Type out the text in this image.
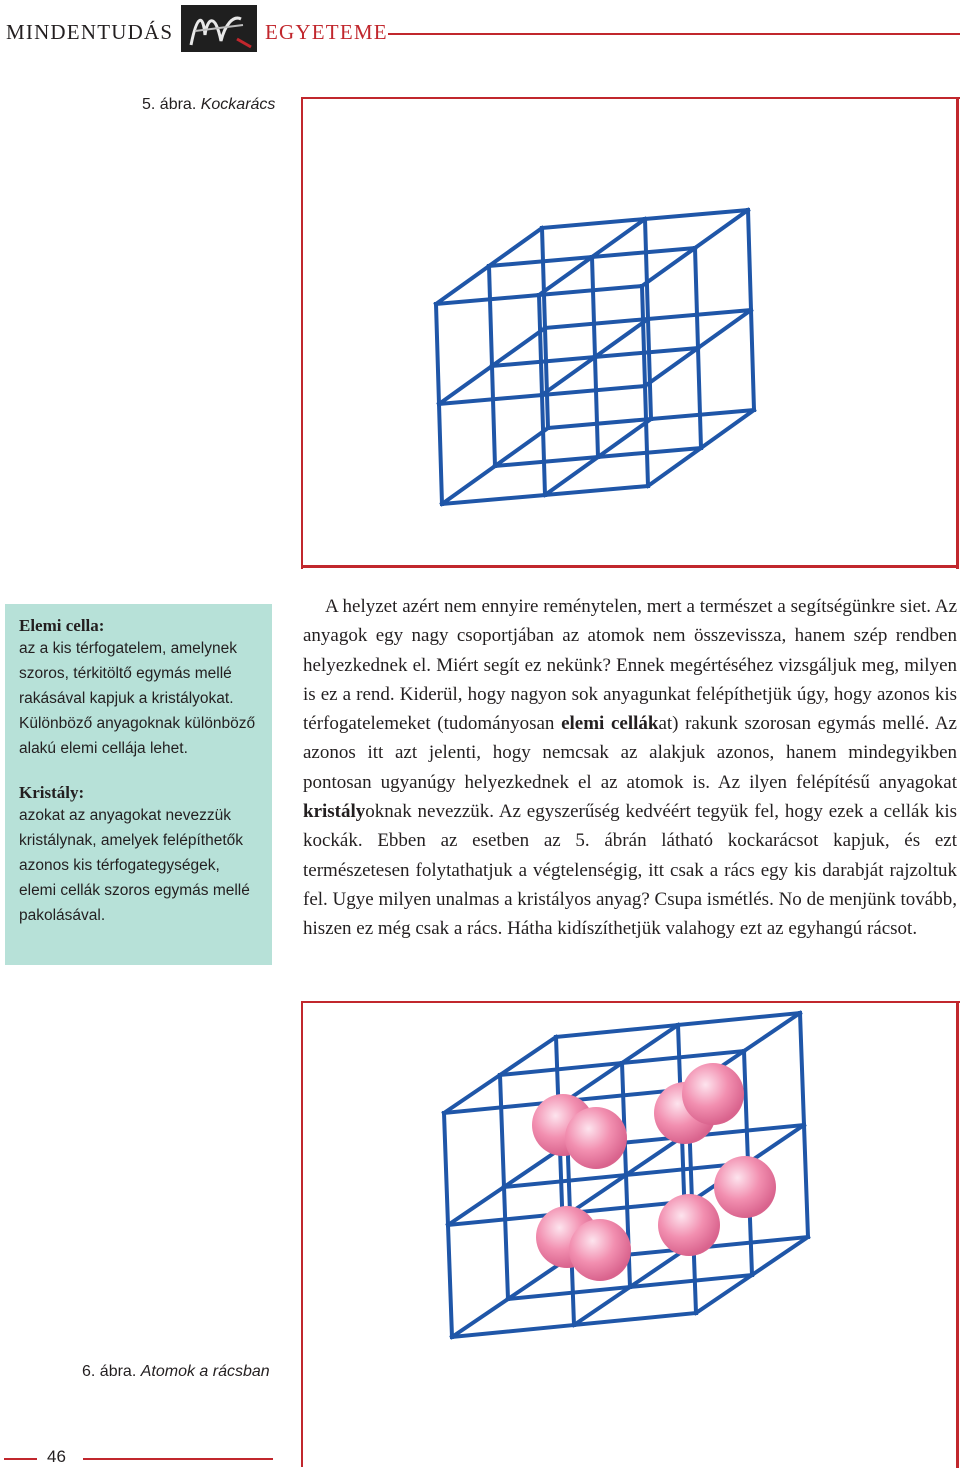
MINDENTUDÁS	EGYETEME
5. ábra. Kockarács

Elemi cella:

az a kis térfogatelem, amelynek szoros, térkitöltő egymás mellé rakásával kapjuk a kristályokat. Különböző anyagoknak különböző alakú elemi cellája lehet.

Kristály:

azokat az anyagokat nevezzük kristálynak, amelyek felépíthetők azonos kis térfogategységek, elemi cellák szoros egymás mellé pakolásával.

A helyzet azért nem ennyire reménytelen, mert a természet a segítségünkre siet. Az anyagok egy nagy csoportjában az atomok nem összevissza, hanem szép rendben helyezkednek el. Miért segít ez nekünk? Ennek megértéséhez vizsgáljuk meg, milyen is ez a rend. Kiderül, hogy nagyon sok anyagunkat felépíthetjük úgy, hogy azonos kis térfogatelemeket (tudományosan elemi cellákat) rakunk szorosan egymás mellé. Az azonos itt azt jelenti, hogy nemcsak az alakjuk azonos, hanem mindegyikben pontosan ugyanúgy helyezkednek el az atomok is. Az ilyen felépítésű anyagokat kristályoknak nevezzük. Az egyszerűség kedvéért tegyük fel, hogy ezek a cellák kis kockák. Ebben az esetben az 5. ábrán látható kockarácsot kapjuk, és ezt természetesen folytathatjuk a végtelenségig, itt csak a rács egy kis darabját rajzoltuk fel. Ugye milyen unalmas a kristályos anyag? Csupa ismétlés. No de menjünk tovább, hiszen ez még csak a rács. Hátha kidíszíthetjük valahogy ezt az egyhangú rácsot.

6. ábra. Atomok a rácsban
46
